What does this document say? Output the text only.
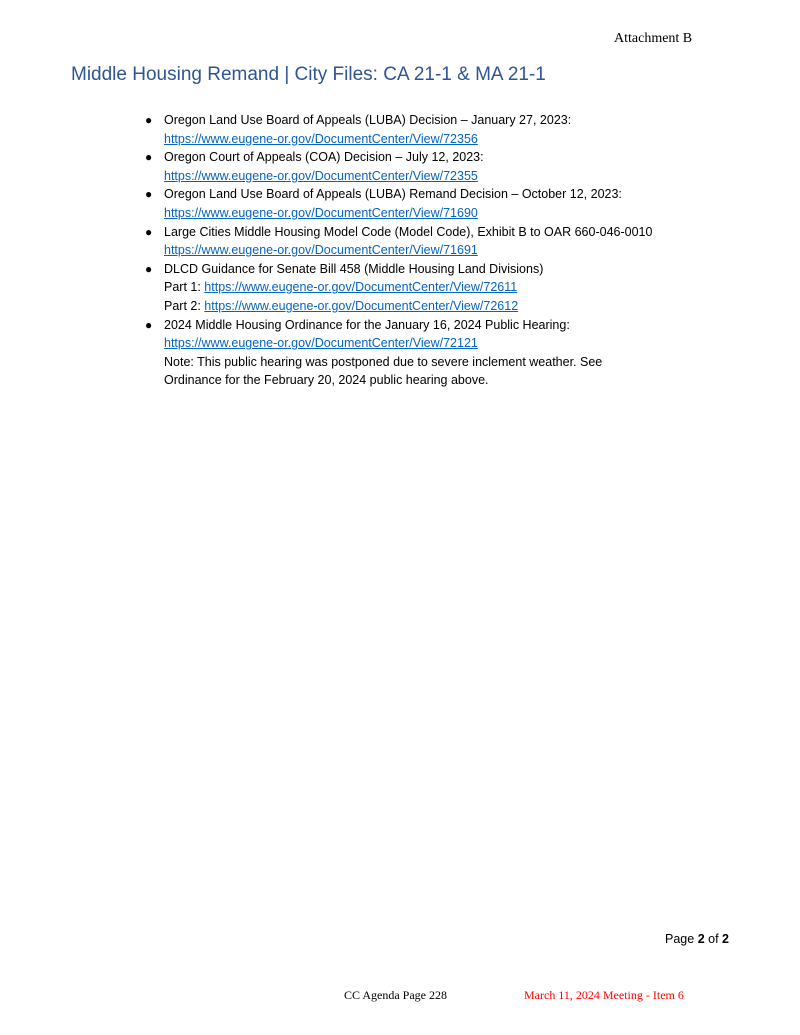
Attachment B
Middle Housing Remand | City Files: CA 21-1 & MA 21-1
● Oregon Land Use Board of Appeals (LUBA) Decision – January 27, 2023:
https://www.eugene-or.gov/DocumentCenter/View/72356
● Oregon Court of Appeals (COA) Decision – July 12, 2023:
https://www.eugene-or.gov/DocumentCenter/View/72355
● Oregon Land Use Board of Appeals (LUBA) Remand Decision – October 12, 2023:
https://www.eugene-or.gov/DocumentCenter/View/71690
● Large Cities Middle Housing Model Code (Model Code), Exhibit B to OAR 660-046-0010
https://www.eugene-or.gov/DocumentCenter/View/71691
● DLCD Guidance for Senate Bill 458 (Middle Housing Land Divisions)
Part 1: https://www.eugene-or.gov/DocumentCenter/View/72611
Part 2: https://www.eugene-or.gov/DocumentCenter/View/72612
● 2024 Middle Housing Ordinance for the January 16, 2024 Public Hearing:
https://www.eugene-or.gov/DocumentCenter/View/72121
Note: This public hearing was postponed due to severe inclement weather. See
Ordinance for the February 20, 2024 public hearing above.
Page 2 of 2
CC Agenda Page 228	March 11, 2024 Meeting - Item 6
